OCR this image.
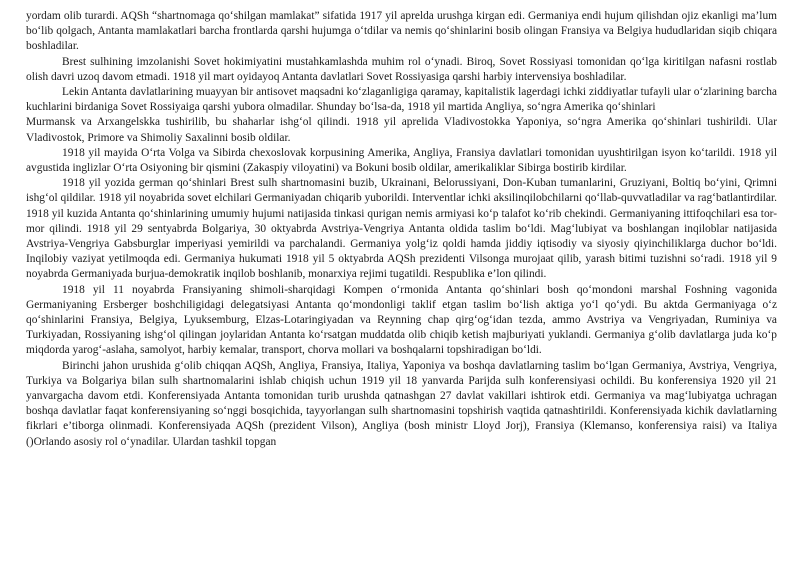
yordam olib turardi. AQSh “shartnomaga qo‘shilgan mamlakat” sifatida 1917 yil aprelda urushga kirgan edi. Germaniya endi hujum qilishdan ojiz ekanligi ma’lum bo‘lib qolgach, Antanta mamlakatlari barcha frontlarda qarshi hujumga o‘tdilar va nemis qo‘shinlarini bosib olingan Fransiya va Belgiya hududlaridan siqib chiqara boshladilar.

Brest sulhining imzolanishi Sovet hokimiyatini mustahkamlashda muhim rol o‘ynadi. Biroq, Sovet Rossiyasi tomonidan qo‘lga kiritilgan nafasni rostlab olish davri uzoq davom etmadi. 1918 yil mart oyidayoq Antanta davlatlari Sovet Rossiyasiga qarshi harbiy intervensiya boshladilar.

Lekin Antanta davlatlarining muayyan bir antisovet maqsadni ko‘zlaganligiga qaramay, kapitalistik lagerdagi ichki ziddiyatlar tufayli ular o‘zlarining barcha kuchlarini birdaniga Sovet Rossiyaiga qarshi yubora olmadilar. Shunday bo‘lsa-da, 1918 yil martida Angliya, so‘ngra Amerika qo‘shinlari

Murmansk va Arxangelskka tushirilib, bu shaharlar ishg‘ol qilindi. 1918 yil aprelida Vladivostokka Yaponiya, so‘ngra Amerika qo‘shinlari tushirildi. Ular Vladivostok, Primore va Shimoliy Saxalinni bosib oldilar.

1918 yil mayida O‘rta Volga va Sibirda chexoslovak korpusining Amerika, Angliya, Fransiya davlatlari tomonidan uyushtirilgan isyon ko‘tarildi. 1918 yil avgustida inglizlar O‘rta Osiyoning bir qismini (Zakaspiy viloyatini) va Bokuni bosib oldilar, amerikaliklar Sibirga bostirib kirdilar.

1918 yil yozida german qo‘shinlari Brest sulh shartnomasini buzib, Ukrainani, Belorussiyani, Don-Kuban tumanlarini, Gruziyani, Boltiq bo‘yini, Qrimni ishg‘ol qildilar. 1918 yil noyabrida sovet elchilari Germaniyadan chiqarib yuborildi. Interventlar ichki aksilinqilobchilarni qo‘llab-quvvatladilar va rag‘batlantirdilar. 1918 yil kuzida Antanta qo‘shinlarining umumiy hujumi natijasida tinkasi qurigan nemis armiyasi ko‘p talafot ko‘rib chekindi. Germaniyaning ittifoqchilari esa tor-mor qilindi. 1918 yil 29 sentyabrda Bolgariya, 30 oktyabrda Avstriya-Vengriya Antanta oldida taslim bo‘ldi. Mag‘lubiyat va boshlangan inqiloblar natijasida Avstriya-Vengriya Gabsburglar imperiyasi yemirildi va parchalandi. Germaniya yolg‘iz qoldi hamda jiddiy iqtisodiy va siyosiy qiyinchiliklarga duchor bo‘ldi. Inqilobiy vaziyat yetilmoqda edi. Germaniya hukumati 1918 yil 5 oktyabrda AQSh prezidenti Vilsonga murojaat qilib, yarash bitimi tuzishni so‘radi. 1918 yil 9 noyabrda Germaniyada burjua-demokratik inqilob boshlanib, monarxiya rejimi tugatildi. Respublika e’lon qilindi.

1918 yil 11 noyabrda Fransiyaning shimoli-sharqidagi Kompen o‘rmonida Antanta qo‘shinlari bosh qo‘mondoni marshal Foshning vagonida Germaniyaning Ersberger boshchiligidagi delegatsiyasi Antanta qo‘mondonligi taklif etgan taslim bo‘lish aktiga yo‘l qo‘ydi. Bu aktda Germaniyaga o‘z qo‘shinlarini Fransiya, Belgiya, Lyuksemburg, Elzas-Lotaringiyadan va Reynning chap qirg‘og‘idan tezda, ammo Avstriya va Vengriyadan, Ruminiya va Turkiyadan, Rossiyaning ishg‘ol qilingan joylaridan Antanta ko‘rsatgan muddatda olib chiqib ketish majburiyati yuklandi. Germaniya g‘olib davlatlarga juda ko‘p miqdorda yarog‘-aslaha, samolyot, harbiy kemalar, transport, chorva mollari va boshqalarni topshiradigan bo‘ldi.

Birinchi jahon urushida g‘olib chiqqan AQSh, Angliya, Fransiya, Italiya, Yaponiya va boshqa davlatlarning taslim bo‘lgan Germaniya, Avstriya, Vengriya, Turkiya va Bolgariya bilan sulh shartnomalarini ishlab chiqish uchun 1919 yil 18 yanvarda Parijda sulh konferensiyasi ochildi. Bu konferensiya 1920 yil 21 yanvargacha davom etdi. Konferensiyada Antanta tomonidan turib urushda qatnashgan 27 davlat vakillari ishtirok etdi. Germaniya va mag‘lubiyatga uchragan boshqa davlatlar faqat konferensiyaning so‘nggi bosqichida, tayyorlangan sulh shartnomasini topshirish vaqtida qatnashtirildi. Konferensiyada kichik davlatlarning fikrlari e’tiborga olinmadi. Konferensiyada AQSh (prezident Vilson), Angliya (bosh ministr Lloyd Jorj), Fransiya (Klemanso, konferensiya raisi) va Italiya ()Orlando asosiy rol o‘ynadilar. Ulardan tashkil topgan
